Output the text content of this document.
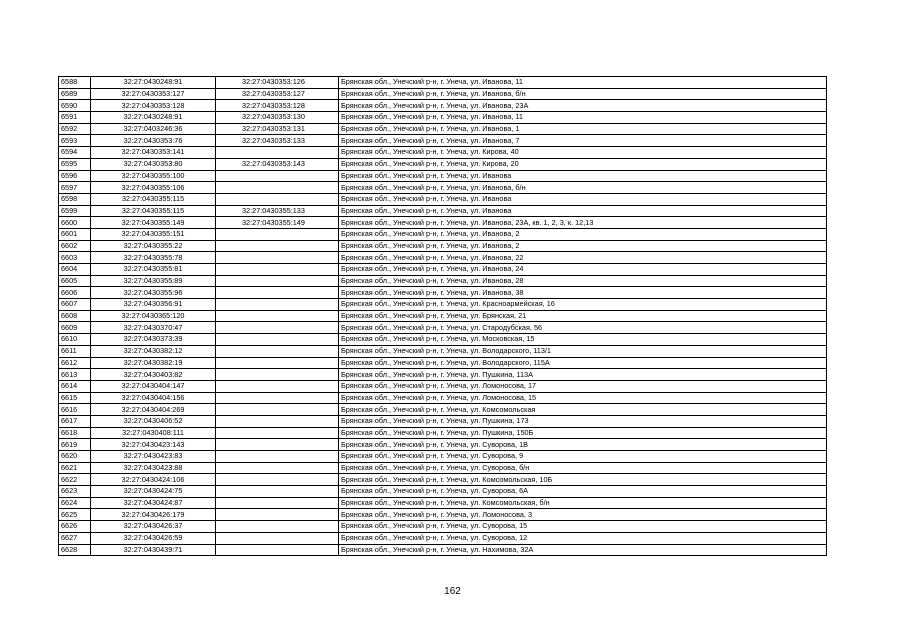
6588	32:27:0430248:91	32:27:0430353:126	Брянская обл., Унечский р-н, г. Унеча, ул. Иванова, 11
6589	32:27:0430353:127	32:27:0430353:127	Брянская обл., Унечский р-н, г. Унеча, ул. Иванова, б/н
6590	32:27:0430353:128	32:27:0430353:128	Брянская обл., Унечский р-н, г. Унеча, ул. Иванова, 23А
6591	32:27:0430248:91	32:27:0430353:130	Брянская обл., Унечский р-н, г. Унеча, ул. Иванова, 11
6592	32:27:0403246:36	32:27:0430353:131	Брянская обл., Унечский р-н, г. Унеча, ул. Иванова, 1
6593	32:27:0430353:76	32:27:0430353:133	Брянская обл., Унечский р-н, г. Унеча, ул. Иванова, 7
6594	32:27:0430353:141		Брянская обл., Унечский р-н, г. Унеча, ул. Кирова, 40
6595	32:27:0430353:80	32:27:0430353:143	Брянская обл., Унечский р-н, г. Унеча, ул. Кирова, 20
6596	32:27:0430355:100		Брянская обл., Унечский р-н, г. Унеча, ул. Иванова
6597	32:27:0430355:106		Брянская обл., Унечский р-н, г. Унеча, ул. Иванова, б/н
6598	32:27:0430355:115		Брянская обл., Унечский р-н, г. Унеча, ул. Иванова
6599	32:27:0430355:115	32:27:0430355:133	Брянская обл., Унечский р-н, г. Унеча, ул. Иванова
6600	32:27:0430355:149	32:27:0430355:149	Брянская обл., Унечский р-н, г. Унеча, ул. Иванова, 23А, кв. 1, 2, 3, к. 12,13
6601	32:27:0430355:151		Брянская обл., Унечский р-н, г. Унеча, ул. Иванова, 2
6602	32:27:0430355:22		Брянская обл., Унечский р-н, г. Унеча, ул. Иванова, 2
6603	32:27:0430355:78		Брянская обл., Унечский р-н, г. Унеча, ул. Иванова, 22
6604	32:27:0430355:81		Брянская обл., Унечский р-н, г. Унеча, ул. Иванова, 24
6605	32:27:0430355:89		Брянская обл., Унечский р-н, г. Унеча, ул. Иванова, 28
6606	32:27:0430355:96		Брянская обл., Унечский р-н, г. Унеча, ул. Иванова, 38
6607	32:27:0430356:91		Брянская обл., Унечский р-н, г. Унеча, ул. Красноармейская, 16
6608	32:27:0430365:120		Брянская обл., Унечский р-н, г. Унеча, ул. Брянская, 21
6609	32:27:0430370:47		Брянская обл., Унечский р-н, г. Унеча, ул. Стародубская, 56
6610	32:27:0430373:39		Брянская обл., Унечский р-н, г. Унеча, ул. Московская, 15
6611	32:27:0430382:12		Брянская обл., Унечский р-н, г. Унеча, ул. Володарского, 113/1
6612	32:27:0430382:19		Брянская обл., Унечский р-н, г. Унеча, ул. Володарского, 115А
6613	32:27:0430403:82		Брянская обл., Унечский р-н, г. Унеча, ул. Пушкина, 113А
6614	32:27:0430404:147		Брянская обл., Унечский р-н, г. Унеча, ул. Ломоносова, 17
6615	32:27:0430404:156		Брянская обл., Унечский р-н, г. Унеча, ул. Ломоносова, 15
6616	32:27:0430404:269		Брянская обл., Унечский р-н, г. Унеча, ул. Комсомольская
6617	32:27:0430406:52		Брянская обл., Унечский р-н, г. Унеча, ул. Пушкина, 173
6618	32:27:0430408:111		Брянская обл., Унечский р-н, г. Унеча, ул. Пушкина, 150Б
6619	32:27:0430423:143		Брянская обл., Унечский р-н, г. Унеча, ул. Суворова, 1В
6620	32:27:0430423:83		Брянская обл., Унечский р-н, г. Унеча, ул. Суворова, 9
6621	32:27:0430423:88		Брянская обл., Унечский р-н, г. Унеча, ул. Суворова, б/н
6622	32:27:0430424:106		Брянская обл., Унечский р-н, г. Унеча, ул. Комсомольская, 10Б
6623	32:27:0430424:75		Брянская обл., Унечский р-н, г. Унеча, ул. Суворова, 6А
6624	32:27:0430424:87		Брянская обл., Унечский р-н, г. Унеча, ул. Комсомольская, б/н
6625	32:27:0430426:179		Брянская обл., Унечский р-н, г. Унеча, ул. Ломоносова, 3
6626	32:27:0430426:37		Брянская обл., Унечский р-н, г. Унеча, ул. Суворова, 15
6627	32:27:0430426:59		Брянская обл., Унечский р-н, г. Унеча, ул. Суворова, 12
6628	32:27:0430439:71		Брянская обл., Унечский р-н, г. Унеча, ул. Нахимова, 32А
162
